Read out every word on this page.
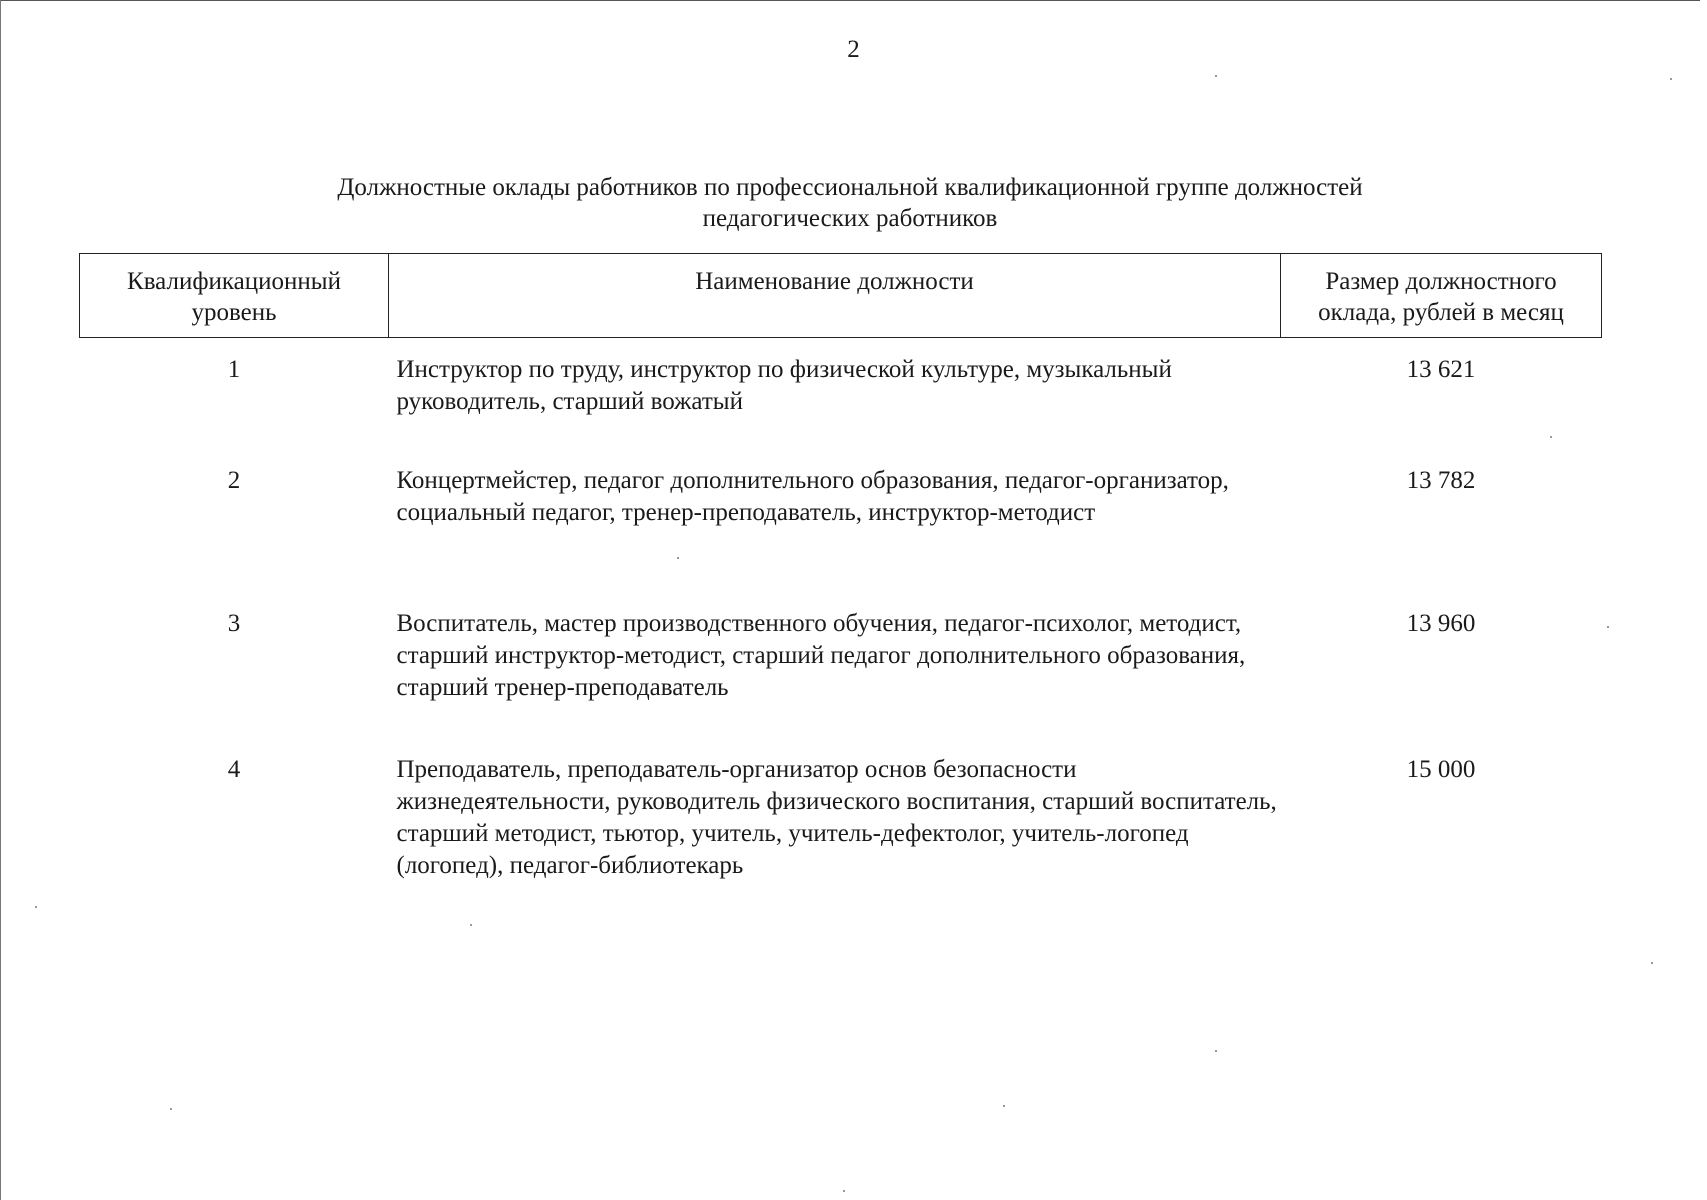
2
Должностные оклады работников по профессиональной квалификационной группе должностей
педагогических работников
Квалификационный уровень	Наименование должности	Размер должностного оклада, рублей в месяц
1	Инструктор по труду, инструктор по физической культуре, музыкальный руководитель, старший вожатый	13 621
2	Концертмейстер, педагог дополнительного образования, педагог-организатор, социальный педагог, тренер-преподаватель, инструктор-методист	13 782
3	Воспитатель, мастер производственного обучения, педагог-психолог, методист, старший инструктор-методист, старший педагог дополнительного образования, старший тренер-преподаватель	13 960
4	Преподаватель, преподаватель-организатор основ безопасности жизнедеятельности, руководитель физического воспитания, старший воспитатель, старший методист, тьютор, учитель, учитель-дефектолог, учитель-логопед (логопед), педагог-библиотекарь	15 000
